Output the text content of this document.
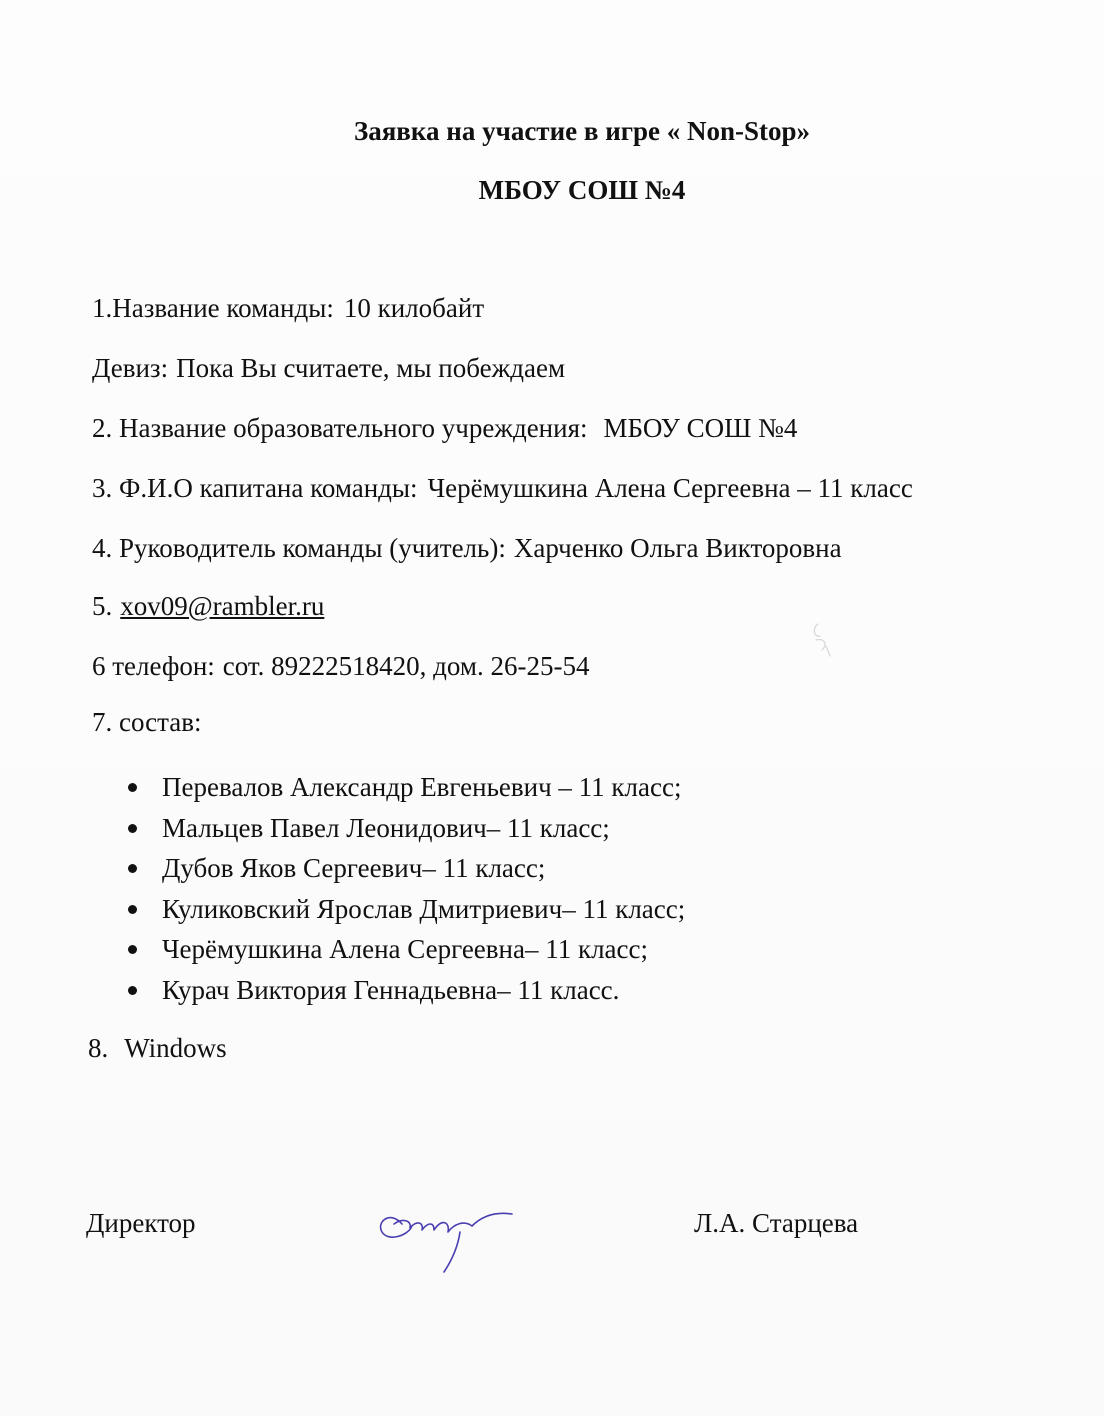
Заявка на участие в игре « Non-Stop»
МБОУ СОШ №4
1.Название команды: 10 килобайт
Девиз: Пока Вы считаете, мы побеждаем
2. Название образовательного учреждения: МБОУ СОШ №4
3. Ф.И.О капитана команды: Черёмушкина Алена Сергеевна – 11 класс
4. Руководитель команды (учитель): Харченко Ольга Викторовна
5. xov09@rambler.ru
6 телефон: сот. 89222518420, дом. 26-25-54
7. состав:
Перевалов Александр Евгеньевич – 11 класс;
Мальцев Павел Леонидович– 11 класс;
Дубов Яков Сергеевич– 11 класс;
Куликовский Ярослав Дмитриевич– 11 класс;
Черёмушкина Алена Сергеевна– 11 класс;
Курач Виктория Геннадьевна– 11 класс.
8. Windows
Директор	Л.А. Старцева
